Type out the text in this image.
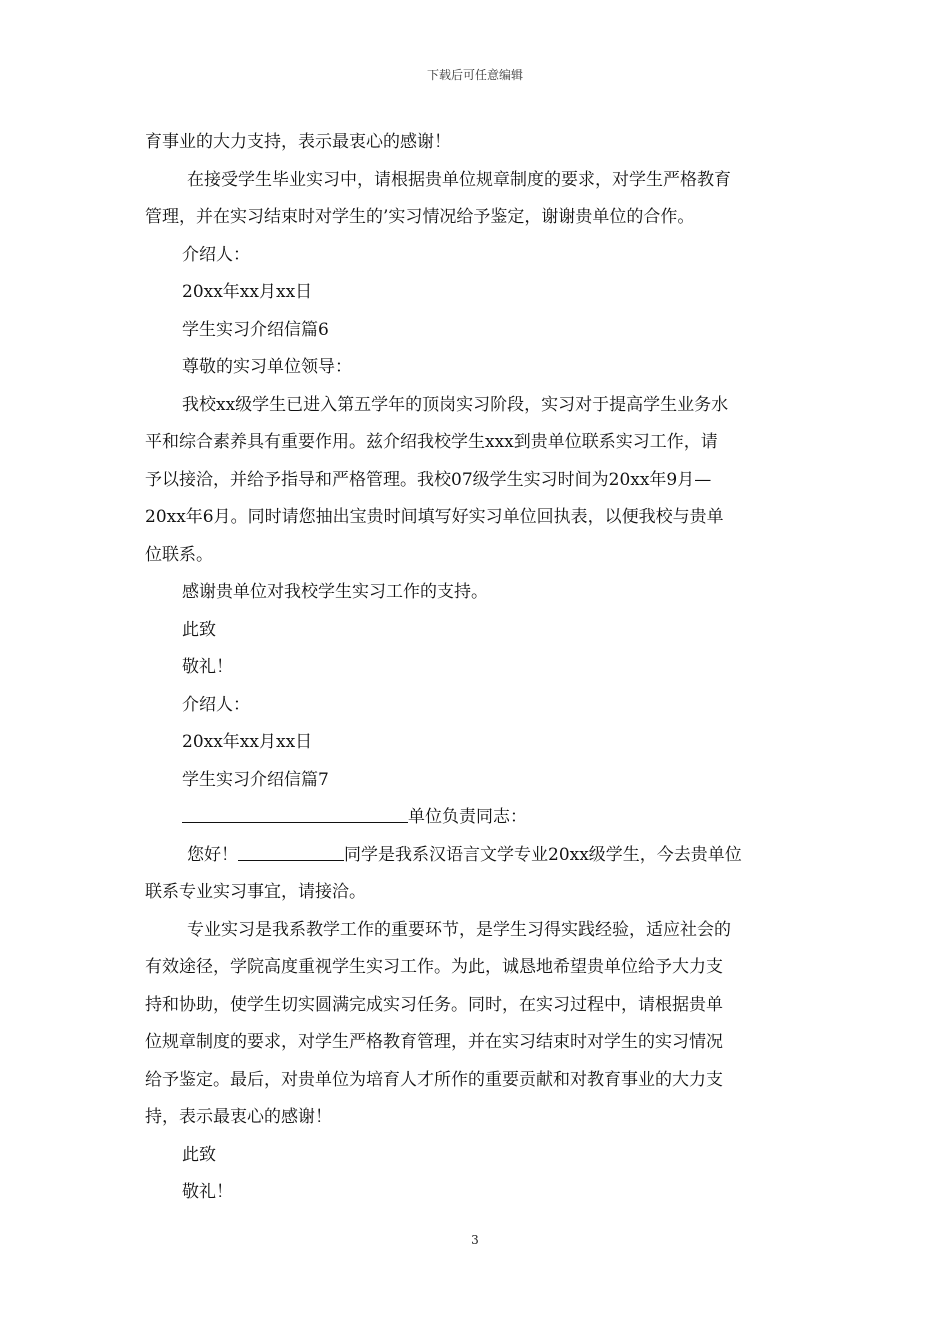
下载后可任意编辑
育事业的大力支持，表示最衷心的感谢！
在接受学生毕业实习中，请根据贵单位规章制度的要求，对学生严格教育
管理，并在实习结束时对学生的’实习情况给予鉴定，谢谢贵单位的合作。
介绍人：
20xx年xx月xx日
学生实习介绍信篇6
尊敬的实习单位领导：
我校xx级学生已进入第五学年的顶岗实习阶段，实习对于提高学生业务水
平和综合素养具有重要作用。兹介绍我校学生xxx到贵单位联系实习工作，请
予以接洽，并给予指导和严格管理。我校07级学生实习时间为20xx年9月—
20xx年6月。同时请您抽出宝贵时间填写好实习单位回执表，以便我校与贵单
位联系。
感谢贵单位对我校学生实习工作的支持。
此致
敬礼！
介绍人：
20xx年xx月xx日
学生实习介绍信篇7
单位负责同志：
您好！	同学是我系汉语言文学专业20xx级学生，今去贵单位
联系专业实习事宜，请接洽。
专业实习是我系教学工作的重要环节，是学生习得实践经验，适应社会的
有效途径，学院高度重视学生实习工作。为此，诚恳地希望贵单位给予大力支
持和协助，使学生切实圆满完成实习任务。同时，在实习过程中，请根据贵单
位规章制度的要求，对学生严格教育管理，并在实习结束时对学生的实习情况
给予鉴定。最后，对贵单位为培育人才所作的重要贡献和对教育事业的大力支
持，表示最衷心的感谢！
此致
敬礼！
3
